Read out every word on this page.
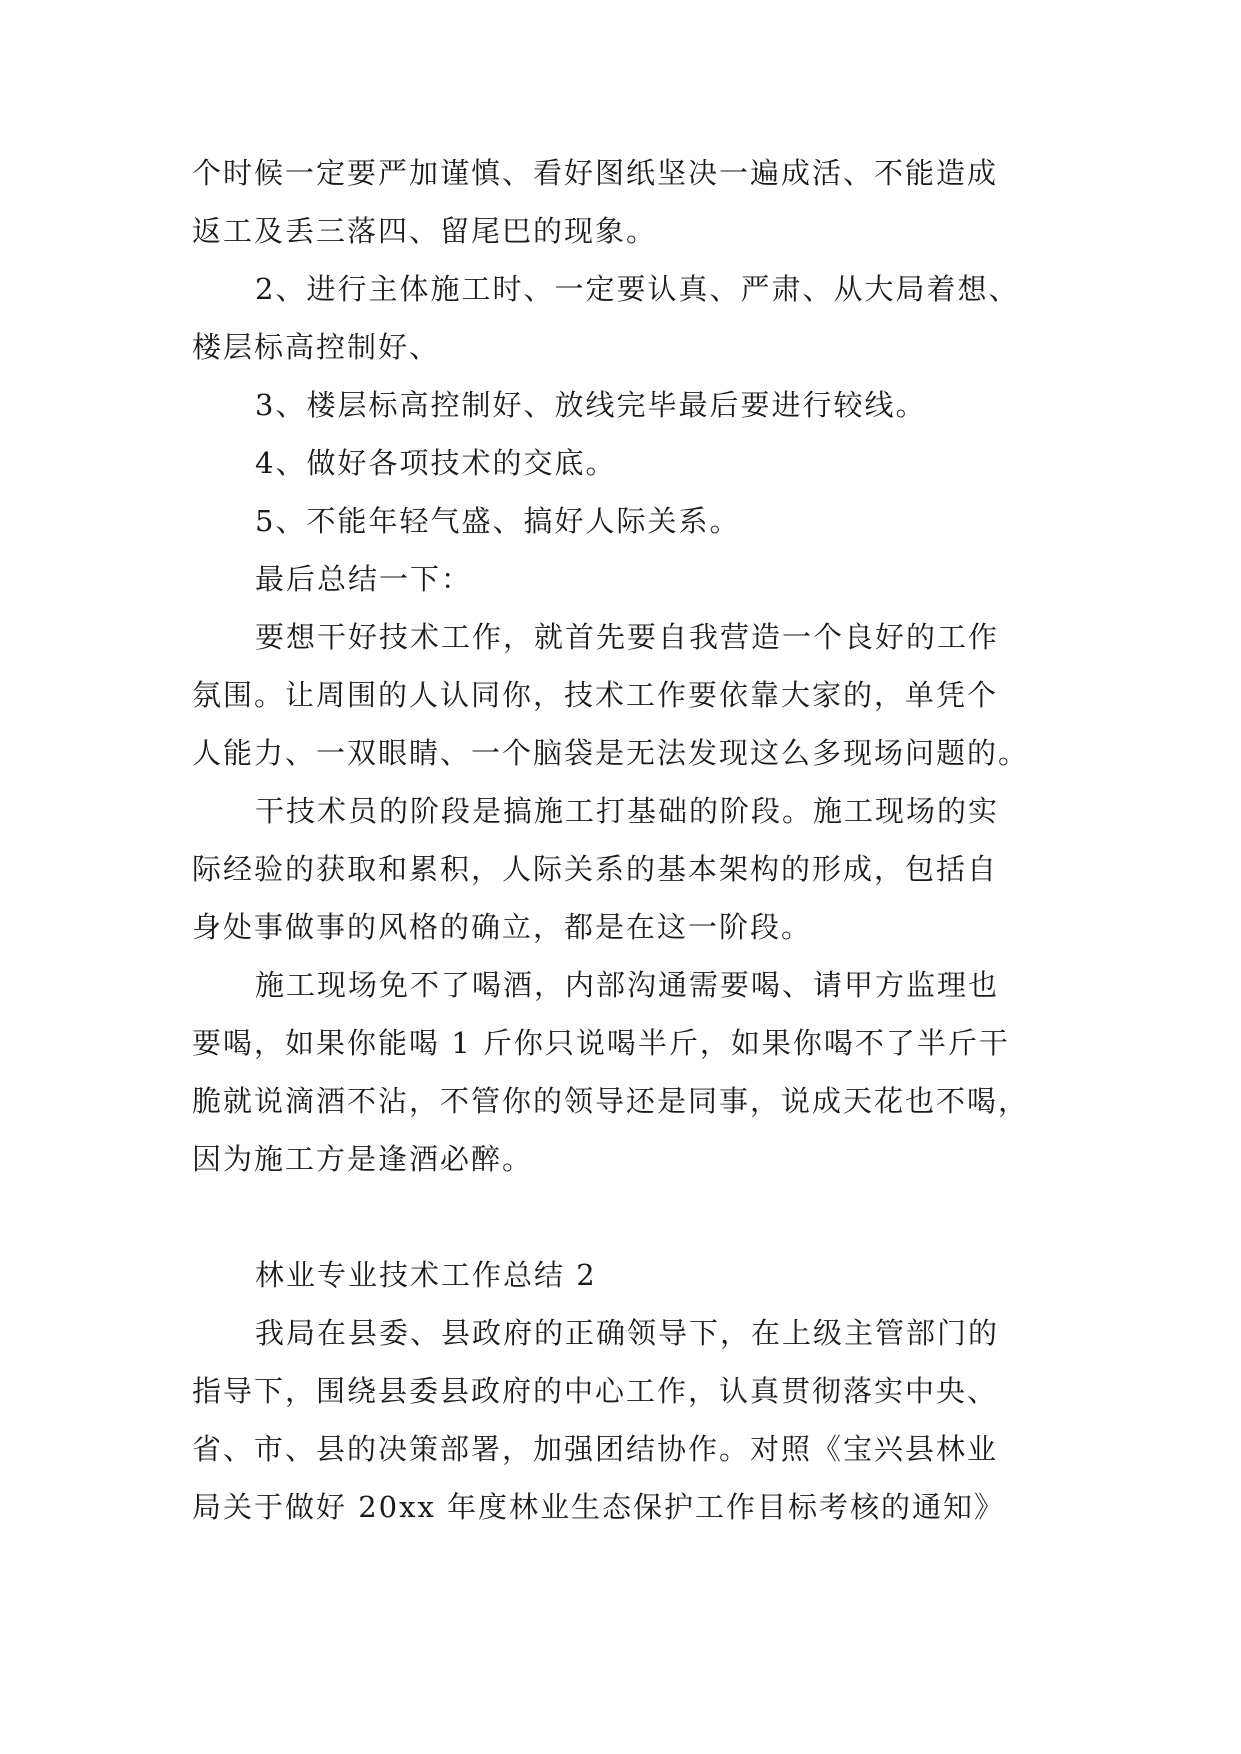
个时候一定要严加谨慎、看好图纸坚决一遍成活、不能造成
返工及丢三落四、留尾巴的现象。
2、进行主体施工时、一定要认真、严肃、从大局着想、
楼层标高控制好、
3、楼层标高控制好、放线完毕最后要进行较线。
4、做好各项技术的交底。
5、不能年轻气盛、搞好人际关系。
最后总结一下：
要想干好技术工作，就首先要自我营造一个良好的工作
氛围。让周围的人认同你，技术工作要依靠大家的，单凭个
人能力、一双眼睛、一个脑袋是无法发现这么多现场问题的。
干技术员的阶段是搞施工打基础的阶段。施工现场的实
际经验的获取和累积，人际关系的基本架构的形成，包括自
身处事做事的风格的确立，都是在这一阶段。
施工现场免不了喝酒，内部沟通需要喝、请甲方监理也
要喝，如果你能喝 1 斤你只说喝半斤，如果你喝不了半斤干
脆就说滴酒不沾，不管你的领导还是同事，说成天花也不喝，
因为施工方是逢酒必醉。
林业专业技术工作总结 2
我局在县委、县政府的正确领导下，在上级主管部门的
指导下，围绕县委县政府的中心工作，认真贯彻落实中央、
省、市、县的决策部署，加强团结协作。对照《宝兴县林业
局关于做好 20xx 年度林业生态保护工作目标考核的通知》
